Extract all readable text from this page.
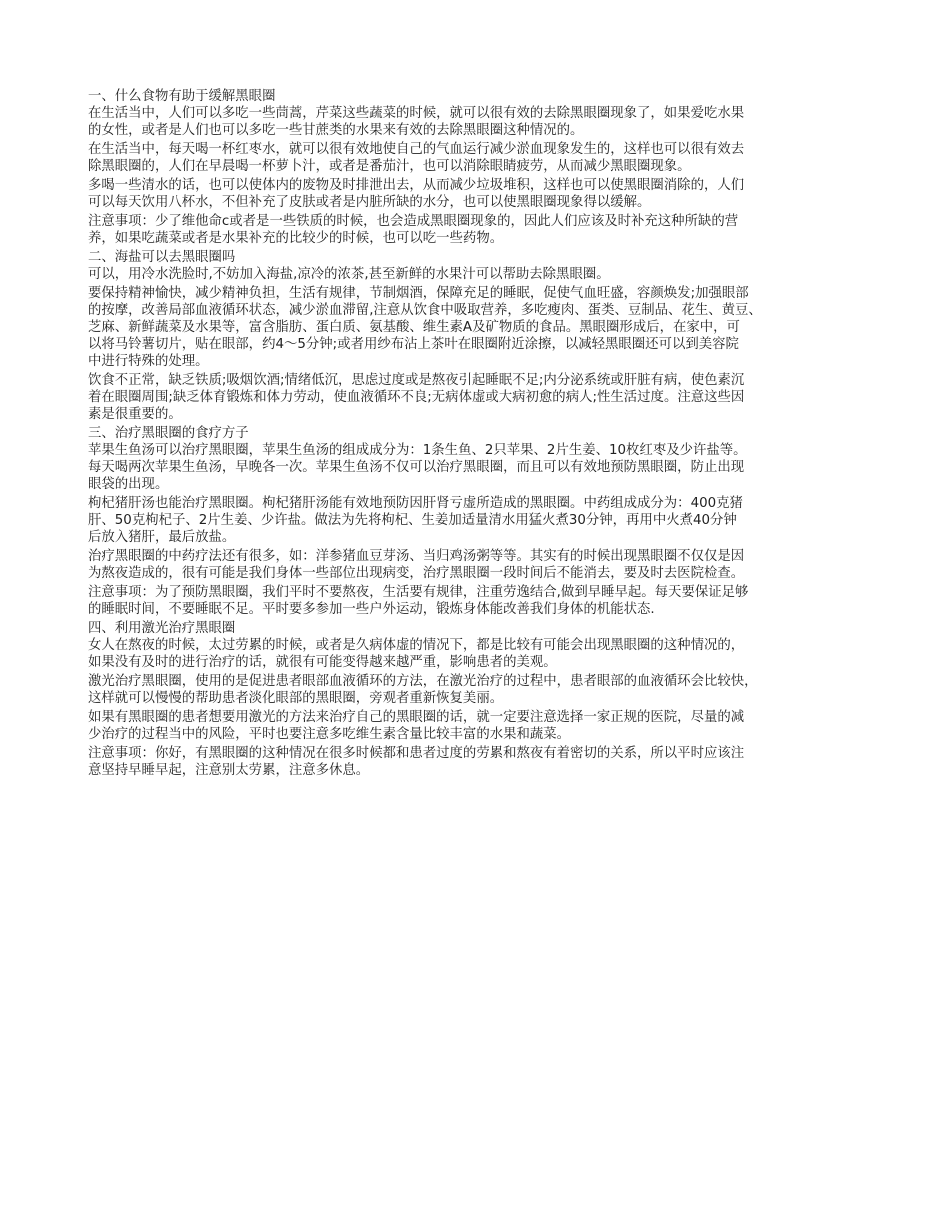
一、什么食物有助于缓解黑眼圈
在生活当中，人们可以多吃一些茼蒿，芹菜这些蔬菜的时候，就可以很有效的去除黑眼圈现象了，如果爱吃水果
的女性，或者是人们也可以多吃一些甘蔗类的水果来有效的去除黑眼圈这种情况的。
在生活当中，每天喝一杯红枣水，就可以很有效地使自己的气血运行减少淤血现象发生的，这样也可以很有效去
除黑眼圈的，人们在早晨喝一杯萝卜汁，或者是番茄汁，也可以消除眼睛疲劳，从而减少黑眼圈现象。
多喝一些清水的话，也可以使体内的废物及时排泄出去，从而减少垃圾堆积，这样也可以使黑眼圈消除的，人们
可以每天饮用八杯水，不但补充了皮肤或者是内脏所缺的水分，也可以使黑眼圈现象得以缓解。
注意事项：少了维他命c或者是一些铁质的时候，也会造成黑眼圈现象的，因此人们应该及时补充这种所缺的营
养，如果吃蔬菜或者是水果补充的比较少的时候，也可以吃一些药物。
二、海盐可以去黑眼圈吗
可以，用冷水洗脸时,不妨加入海盐,凉冷的浓茶,甚至新鲜的水果汁可以帮助去除黑眼圈。
要保持精神愉快，减少精神负担，生活有规律，节制烟酒，保障充足的睡眠，促使气血旺盛，容颜焕发;加强眼部
的按摩，改善局部血液循环状态，减少淤血滞留,注意从饮食中吸取营养，多吃瘦肉、蛋类、豆制品、花生、黄豆、
芝麻、新鲜蔬菜及水果等，富含脂肪、蛋白质、氨基酸、维生素A及矿物质的食品。黑眼圈形成后，在家中，可
以将马铃薯切片，贴在眼部，约4～5分钟;或者用纱布沾上茶叶在眼圈附近涂擦，以减轻黑眼圈还可以到美容院
中进行特殊的处理。
饮食不正常，缺乏铁质;吸烟饮酒;情绪低沉，思虑过度或是熬夜引起睡眠不足;内分泌系统或肝脏有病，使色素沉
着在眼圈周围;缺乏体育锻炼和体力劳动，使血液循环不良;无病体虚或大病初愈的病人;性生活过度。注意这些因
素是很重要的。
三、治疗黑眼圈的食疗方子
苹果生鱼汤可以治疗黑眼圈，苹果生鱼汤的组成成分为：1条生鱼、2只苹果、2片生姜、10枚红枣及少许盐等。
每天喝两次苹果生鱼汤，早晚各一次。苹果生鱼汤不仅可以治疗黑眼圈，而且可以有效地预防黑眼圈，防止出现
眼袋的出现。
枸杞猪肝汤也能治疗黑眼圈。枸杞猪肝汤能有效地预防因肝肾亏虚所造成的黑眼圈。中药组成成分为：400克猪
肝、50克枸杞子、2片生姜、少许盐。做法为先将枸杞、生姜加适量清水用猛火煮30分钟，再用中火煮40分钟
后放入猪肝，最后放盐。
治疗黑眼圈的中药疗法还有很多，如：洋参猪血豆芽汤、当归鸡汤粥等等。其实有的时候出现黑眼圈不仅仅是因
为熬夜造成的，很有可能是我们身体一些部位出现病变，治疗黑眼圈一段时间后不能消去，要及时去医院检查。
注意事项：为了预防黑眼圈，我们平时不要熬夜，生活要有规律，注重劳逸结合,做到早睡早起。每天要保证足够
的睡眠时间，不要睡眠不足。平时要多参加一些户外运动，锻炼身体能改善我们身体的机能状态.
四、利用激光治疗黑眼圈
女人在熬夜的时候，太过劳累的时候，或者是久病体虚的情况下，都是比较有可能会出现黑眼圈的这种情况的，
如果没有及时的进行治疗的话，就很有可能变得越来越严重，影响患者的美观。
激光治疗黑眼圈，使用的是促进患者眼部血液循环的方法，在激光治疗的过程中，患者眼部的血液循环会比较快，
这样就可以慢慢的帮助患者淡化眼部的黑眼圈，旁观者重新恢复美丽。
如果有黑眼圈的患者想要用激光的方法来治疗自己的黑眼圈的话，就一定要注意选择一家正规的医院，尽量的减
少治疗的过程当中的风险，平时也要注意多吃维生素含量比较丰富的水果和蔬菜。
注意事项：你好，有黑眼圈的这种情况在很多时候都和患者过度的劳累和熬夜有着密切的关系，所以平时应该注
意坚持早睡早起，注意别太劳累，注意多休息。
